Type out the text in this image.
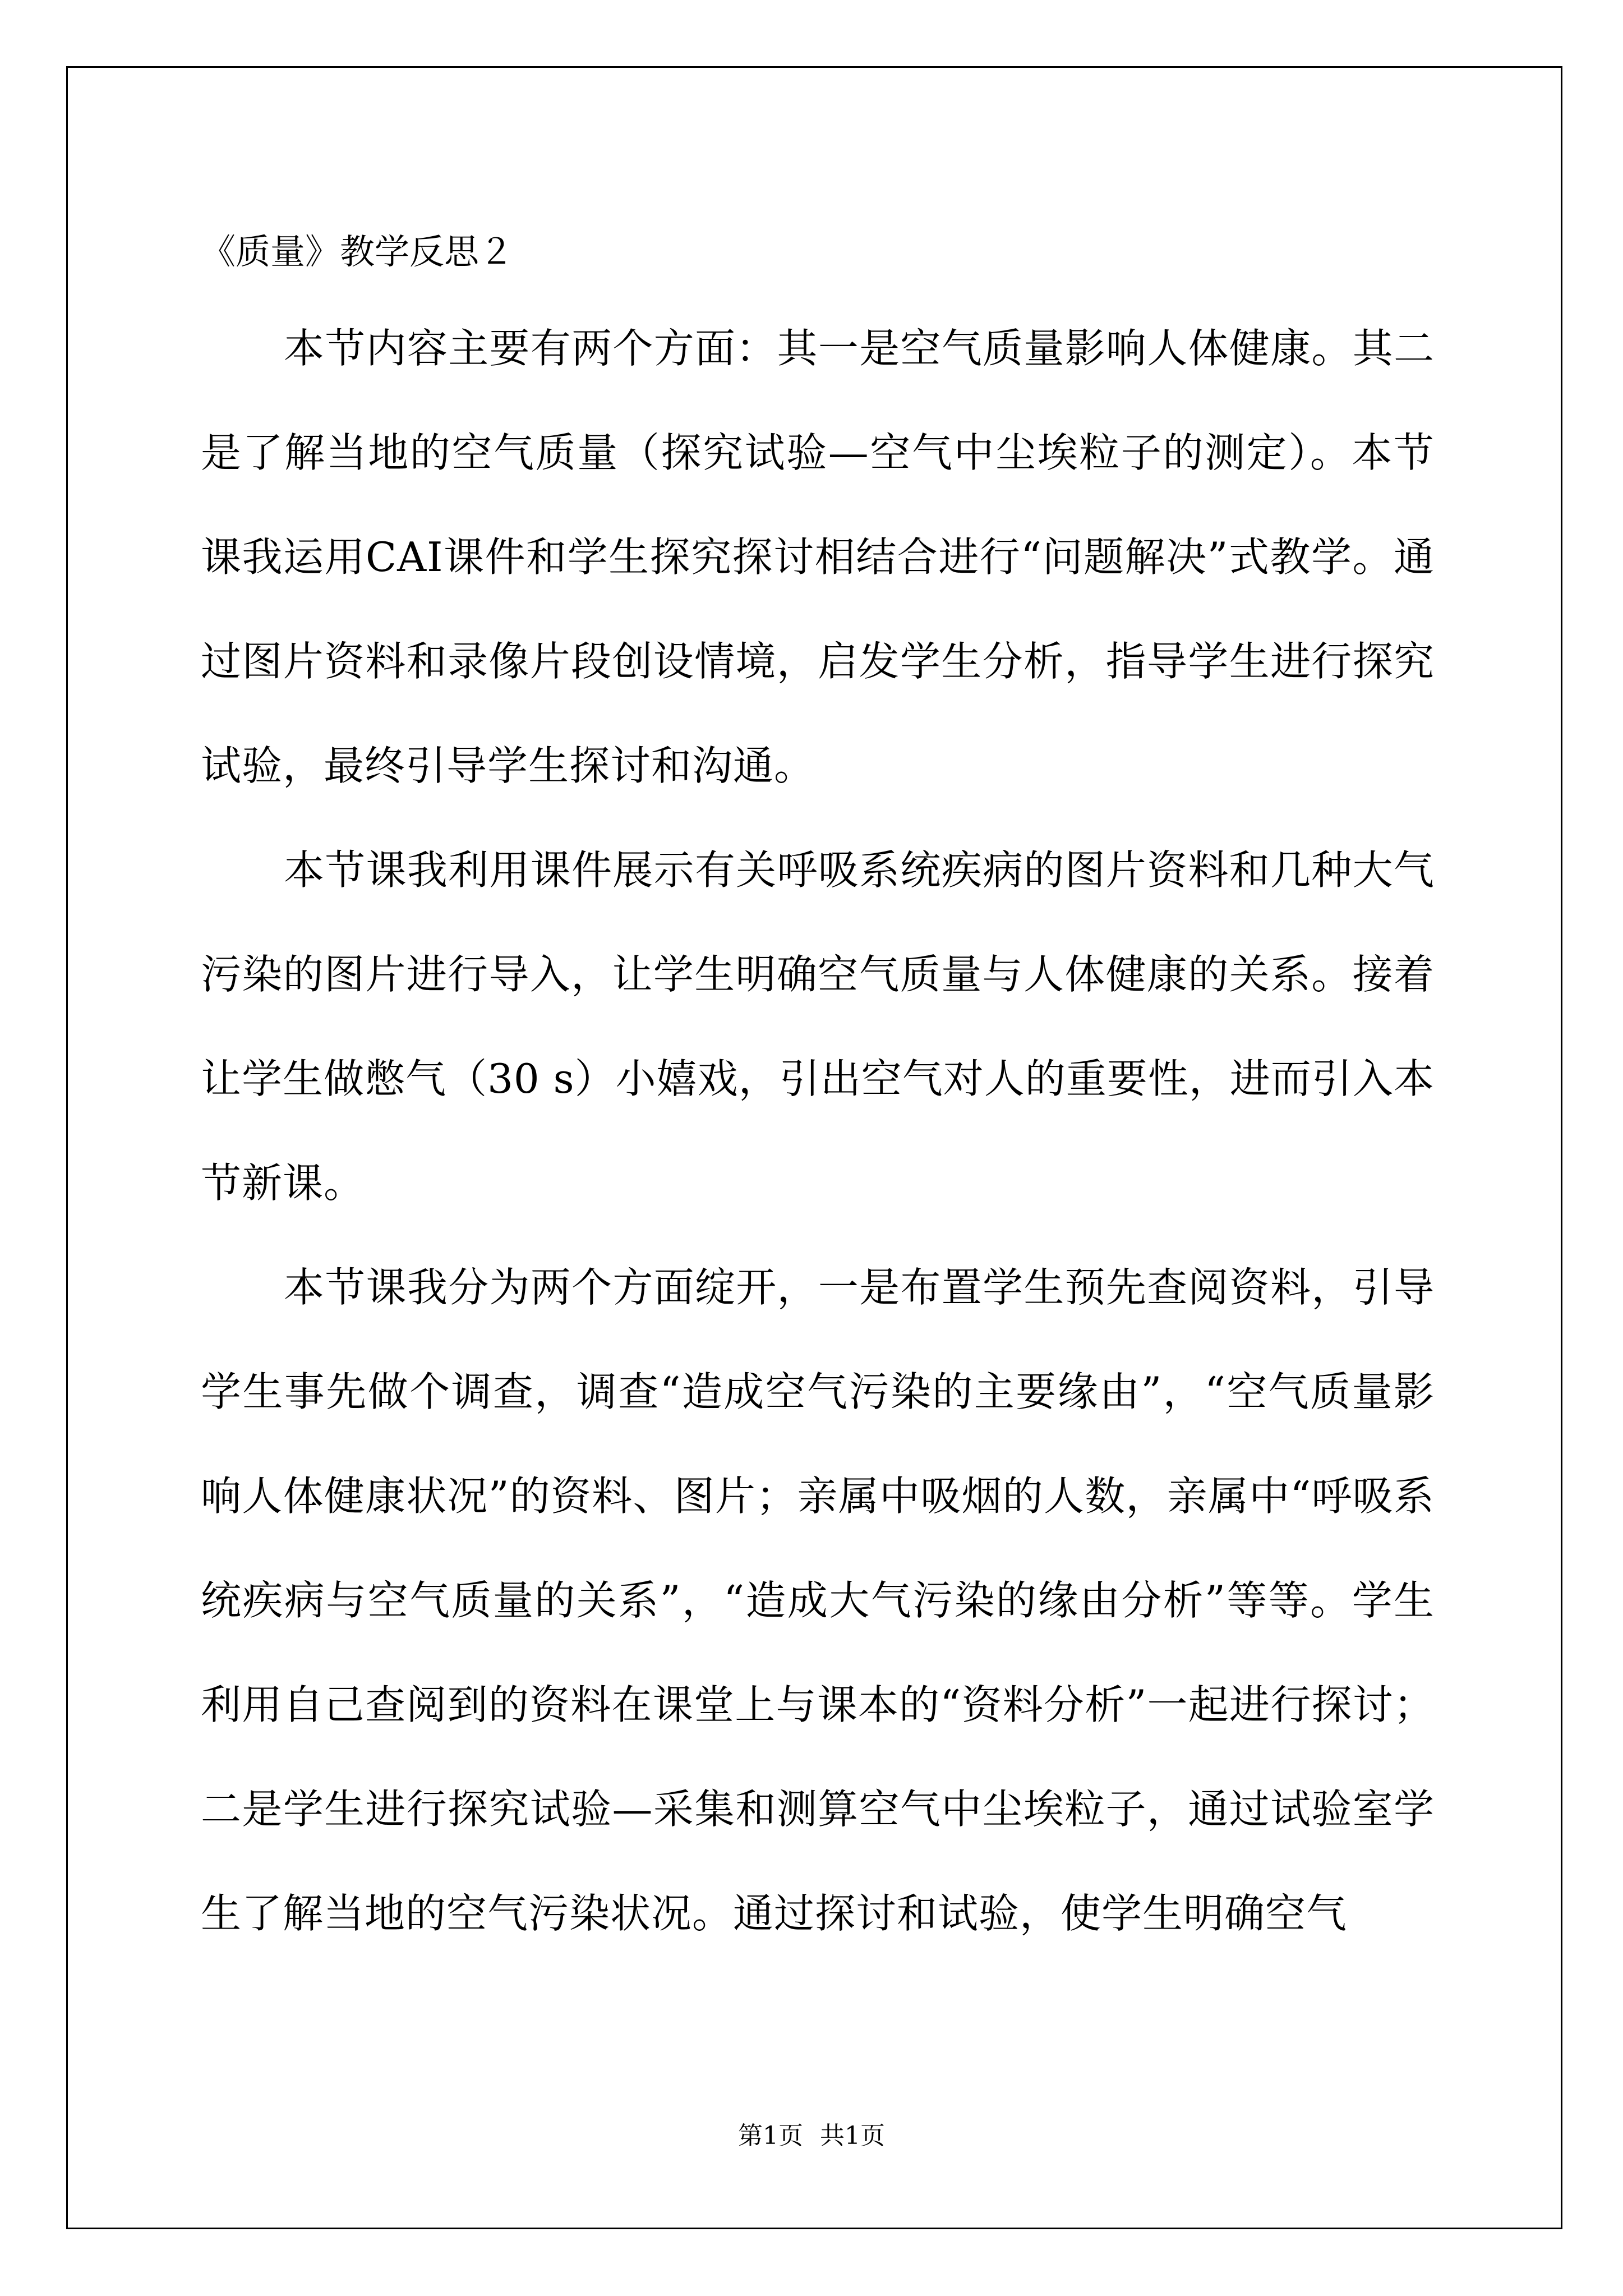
《质量》教学反思２

本节内容主要有两个方面：其一是空气质量影响人体健康。其二是了解当地的空气质量（探究试验—空气中尘埃粒子的测定）。本节课我运用CAI课件和学生探究探讨相结合进行“问题解决”式教学。通过图片资料和录像片段创设情境，启发学生分析，指导学生进行探究试验，最终引导学生探讨和沟通。

本节课我利用课件展示有关呼吸系统疾病的图片资料和几种大气污染的图片进行导入，让学生明确空气质量与人体健康的关系。接着让学生做憋气（30 s）小嬉戏，引出空气对人的重要性，进而引入本节新课。

本节课我分为两个方面绽开，一是布置学生预先查阅资料，引导学生事先做个调查，调查“造成空气污染的主要缘由”，“空气质量影响人体健康状况”的资料、图片；亲属中吸烟的人数，亲属中“呼吸系统疾病与空气质量的关系”，“造成大气污染的缘由分析”等等。学生利用自己查阅到的资料在课堂上与课本的“资料分析”一起进行探讨；二是学生进行探究试验—采集和测算空气中尘埃粒子，通过试验室学生了解当地的空气污染状况。通过探讨和试验，使学生明确空气

第1页 共1页
